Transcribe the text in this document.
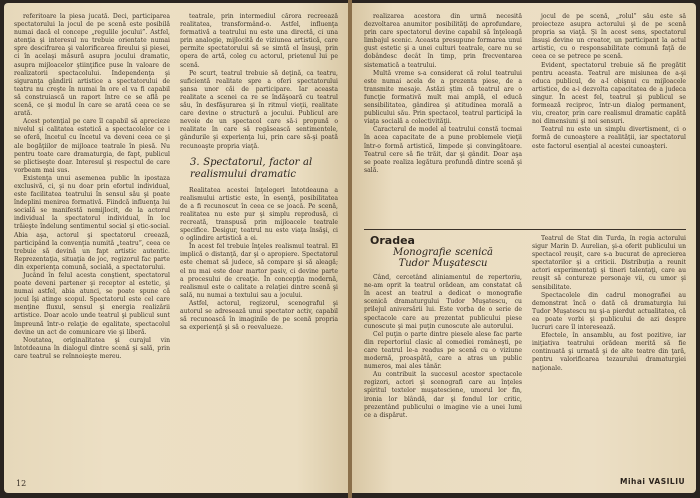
referitoare la piesa jucată. Deci, participarea spectatorului la jocul de pe scenă este posibilă numai dacă el concepe „regulile jocului”. Astfel, atenţia şi interesul nu trebuie orientate numai spre descifrarea şi valorificarea fireului şi piesei, ci în acelaşi măsură asupra jocului dramatic, asupra mijloacelor ştiinţifice puse în valoare de realizatorii spectacolului. Independenţa şi siguranţa gândirii artistice a spectatorului de teatru nu creşte în numai în ore el va fi capabil să construiască un raport între ce se află pe scenă, ce şi modul în care se arată ceea ce se arată.

Acest potenţial pe care îl capabil să aprecieze nivelul şi calitatea estetică a spectacolelor ce i se oferă, încetul cu încetul va deveni ceea ce şi ale bogăţiilor de mijloace teatrale în piesă. Nu pentru toate care dramaturgia, de fapt, publicul se plictiseşte doar. Interesul şi respectul de care vorbeam mai sus.

Existenţa unui asemenea public în ipostaza exclusivă, ci, şi nu doar prin efortul individual, este facilitatea teatrului în sensul său şi poate îndeplini menirea formativă. Fiindcă influenţa lui socială se manifestă nemijlocit, de la actorul individual la spectatorul individual, în loc trăieşte îndelung sentimentul social şi etic-social. Abia aşa, actorul şi spectatorul creează, participând la convenţia numită „teatru”, ceea ce trebuie să devină un fapt artistic autentic. Reprezentaţia, situaţia de joc, regizorul fac parte din experienţa comună, socială, a spectatorului.

Jucând în felul acesta conştient, spectatorul poate deveni partener şi receptor al estetic, şi numai astfel, abia atunci, se poate spune că jocul îşi atinge scopul. Spectatorul este cel care menţine fluxul, sensul şi energia realizării artistice. Doar acolo unde teatrul şi publicul sunt împreună într-o relaţie de egalitate, spectacolul devine un act de comunicare vie şi liberă.

Noutatea, originalitatea şi curajul vin întotdeauna în dialogul dintre scenă şi sală, prin care teatrul se reînnoieşte mereu.

teatrale, prin intermediul cărora recreează realitatea, transformând-o. Astfel, influenţa formativă a teatrului nu este una directă, ci una prin analogie, mijlocită de viziunea artistică, care permite spectatorului să se simtă el însuşi, prin opera de artă, coleg cu actorul, prietenul lui pe scenă.

Pe scurt, teatrul trebuie să deţină, ca teatru, suficientă realitate spre a oferi spectatorului şansa unor căi de participare. Iar aceasta realitate a scenei ca re se îndăşoară cu teatrul său, în desfăşurarea şi în ritmul vieţii, realitate care devine o structură a jocului. Publicul are nevoie de un spectacol care să-i propună o realitate în care să regăsească sentimentele, gândurile şi experienţa lui, prin care să-şi poată recunoaşte propria viaţă.

3. Spectatorul, factor al
realismului dramatic

Realitatea acestei înţelegeri întotdeauna a realismului artistic este, în esenţă, posibilitatea de a fi recunoscut în ceea ce se joacă. Pe scenă, realitatea nu este pur şi simplu reprodusă, ci recreată, transpusă prin mijloacele teatrale specifice. Desigur, teatrul nu este viaţa însăşi, ci o oglindire artistică a ei.

În acest fel trebuie înţeles realismul teatral. El implică o distanţă, dar şi o apropiere. Spectatorul este chemat să judece, să compare şi să aleagă; el nu mai este doar martor pasiv, ci devine parte a procesului de creaţie. În concepţia modernă, realismul este o calitate a relaţiei dintre scenă şi sală, nu numai a textului sau a jocului.

Astfel, actorul, regizorul, scenograful şi autorul se adresează unui spectator activ, capabil să recunoască în imaginile de pe scenă propria sa experienţă şi să o reevalueze.

12

realizarea acestora din urmă necesită dezvoltarea anumitor posibilităţi de aprofundare, prin care spectatorul devine capabil să înţeleagă limbajul scenic. Aceasta presupune formarea unui gust estetic şi a unei culturi teatrale, care nu se dobândesc decât în timp, prin frecventarea sistematică a teatrului.

Multă vreme s-a considerat că rolul teatrului este numai acela de a prezenta piese, de a transmite mesaje. Astăzi ştim că teatrul are o funcţie formativă mult mai amplă, el educă sensibilitatea, gândirea şi atitudinea morală a publicului său. Prin spectacol, teatrul participă la viaţa socială a colectivităţii.

Caracterul de model al teatrului constă tocmai în acea capacitate de a pune problemele vieţii într-o formă artistică, limpede şi convingătoare. Teatrul cere să fie trăit, dar şi gândit. Doar aşa se poate realiza legătura profundă dintre scenă şi sală.

jocul de pe scenă, „rolul” său este să proiecteze asupra actorului şi de pe scenă propria sa viaţă. Şi în acest sens, spectatorul însuşi devine un creator, un participant la actul artistic, cu o responsabilitate comună faţă de ceea ce se petrece pe scenă.

Evident, spectatorul trebuie să fie pregătit pentru aceasta. Teatrul are misiunea de a-şi educa publicul, de a-l obişnui cu mijloacele artistice, de a-i dezvolta capacitatea de a judeca singur. În acest fel, teatrul şi publicul se formează reciproc, într-un dialog permanent, viu, creator, prin care realismul dramatic capătă noi dimensiuni şi noi sensuri.

Teatrul nu este un simplu divertisment, ci o formă de cunoaştere a realităţii, iar spectatorul este factorul esenţial al acestei cunoaşteri.

Oradea
Monografie scenică
Tudor Muşatescu

Când, cercetând aliniamentul de repertoriu, ne-am oprit la teatrul orădean, am constatat că în acest an teatrul a dedicat o monografie scenică dramaturgului Tudor Muşatescu, cu prilejul aniversării lui. Este vorba de o serie de spectacole care au prezentat publicului piese cunoscute şi mai puţin cunoscute ale autorului.

Cel puţin o parte dintre piesele alese fac parte din repertoriul clasic al comediei româneşti, pe care teatrul le-a readus pe scenă cu o viziune modernă, proaspătă, care a atras un public numeros, mai ales tânăr.

Au contribuit la succesul acestor spectacole regizori, actori şi scenografi care au înţeles spiritul textelor muşatesciene, umorul lor fin, ironia lor blândă, dar şi fondul lor critic, prezentând publicului o imagine vie a unei lumi ce a dispărut.

Teatrul de Stat din Turda, în regia actorului sigur Marin D. Aurelian, şi-a oferit publicului un spectacol reuşit, care s-a bucurat de aprecierea spectatorilor şi a criticii. Distribuţia a reunit actori experimentaţi şi tineri talentaţi, care au reuşit să contureze personaje vii, cu umor şi sensibilitate.

Spectacolele din cadrul monografiei au demonstrat încă o dată că dramaturgia lui Tudor Muşatescu nu şi-a pierdut actualitatea, că ea poate vorbi şi publicului de azi despre lucruri care îl interesează.

Efectele, în ansamblu, au fost pozitive, iar iniţiativa teatrului orădean merită să fie continuată şi urmată şi de alte teatre din ţară, pentru valorificarea tezaurului dramaturgiei naţionale.

Mihai VASILIU
